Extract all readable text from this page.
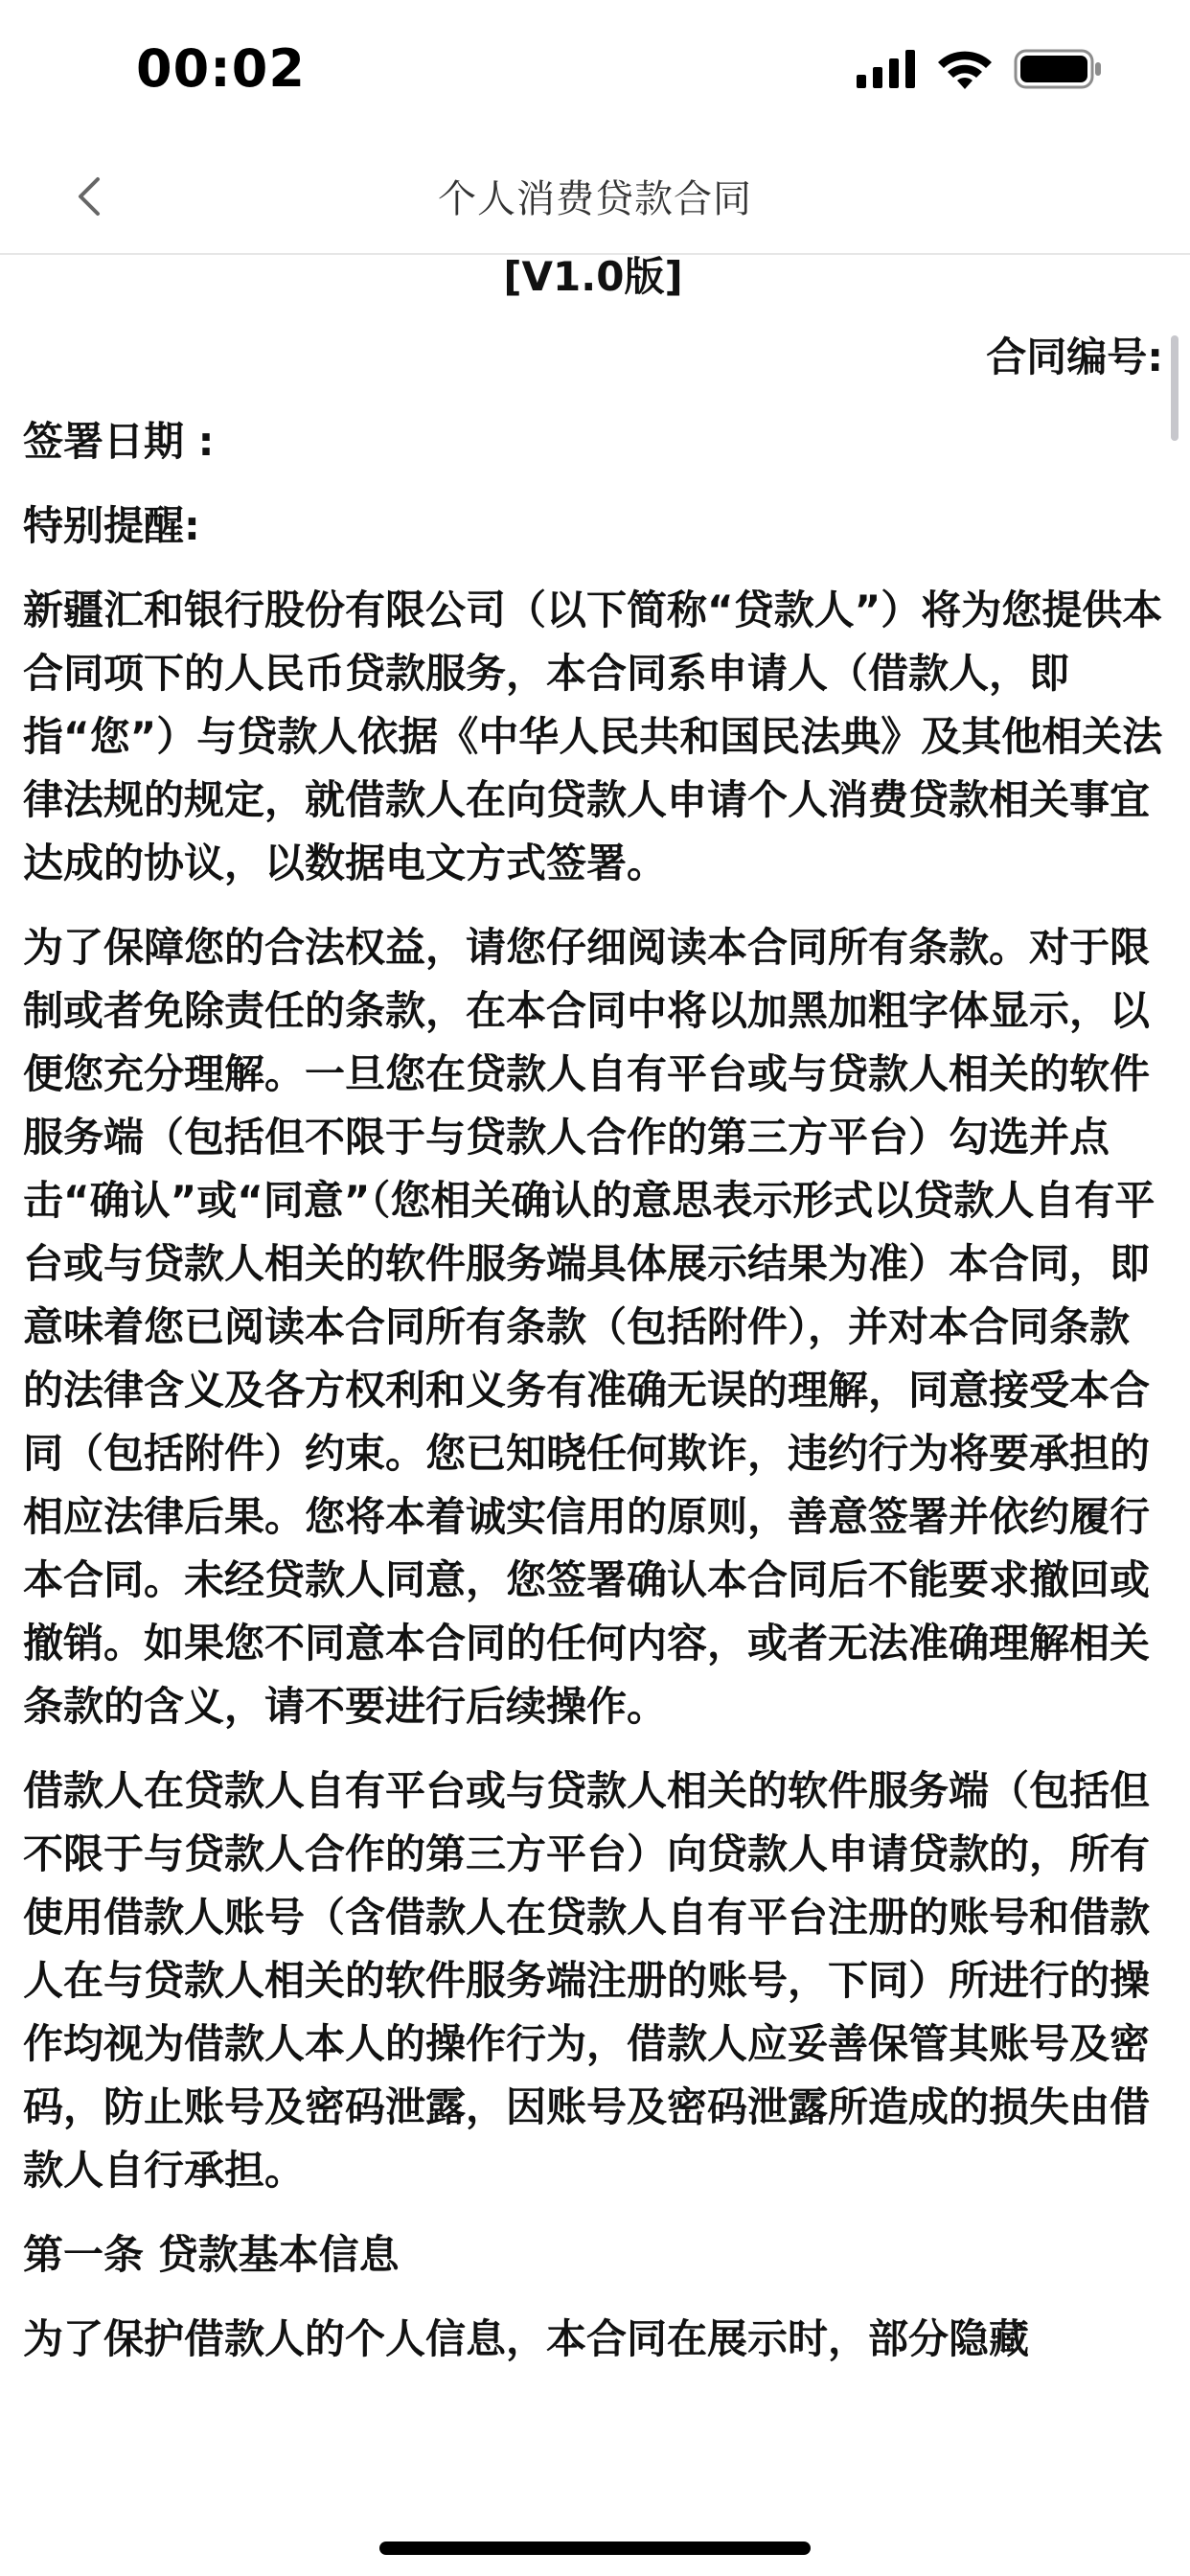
00:02
个人消费贷款合同
[V1.0版]
合同编号:
签署日期 :
特别提醒:
新疆汇和银行股份有限公司（以下简称“贷款人”）将为您提供本合同项下的人民币贷款服务，本合同系申请人（借款人，即指“您”）与贷款人依据《中华人民共和国民法典》及其他相关法律法规的规定，就借款人在向贷款人申请个人消费贷款相关事宜达成的协议，以数据电文方式签署。
为了保障您的合法权益，请您仔细阅读本合同所有条款。对于限制或者免除责任的条款，在本合同中将以加黑加粗字体显示，以便您充分理解。一旦您在贷款人自有平台或与贷款人相关的软件服务端（包括但不限于与贷款人合作的第三方平台）勾选并点击“确认”或“同意”（您相关确认的意思表示形式以贷款人自有平台或与贷款人相关的软件服务端具体展示结果为准）本合同，即意味着您已阅读本合同所有条款（包括附件），并对本合同条款的法律含义及各方权利和义务有准确无误的理解，同意接受本合同（包括附件）约束。您已知晓任何欺诈，违约行为将要承担的相应法律后果。您将本着诚实信用的原则，善意签署并依约履行本合同。未经贷款人同意，您签署确认本合同后不能要求撤回或撤销。如果您不同意本合同的任何内容，或者无法准确理解相关条款的含义，请不要进行后续操作。
借款人在贷款人自有平台或与贷款人相关的软件服务端（包括但不限于与贷款人合作的第三方平台）向贷款人申请贷款的，所有使用借款人账号（含借款人在贷款人自有平台注册的账号和借款人在与贷款人相关的软件服务端注册的账号，下同）所进行的操作均视为借款人本人的操作行为，借款人应妥善保管其账号及密码，防止账号及密码泄露，因账号及密码泄露所造成的损失由借款人自行承担。
第一条 贷款基本信息
为了保护借款人的个人信息，本合同在展示时，部分隐藏
